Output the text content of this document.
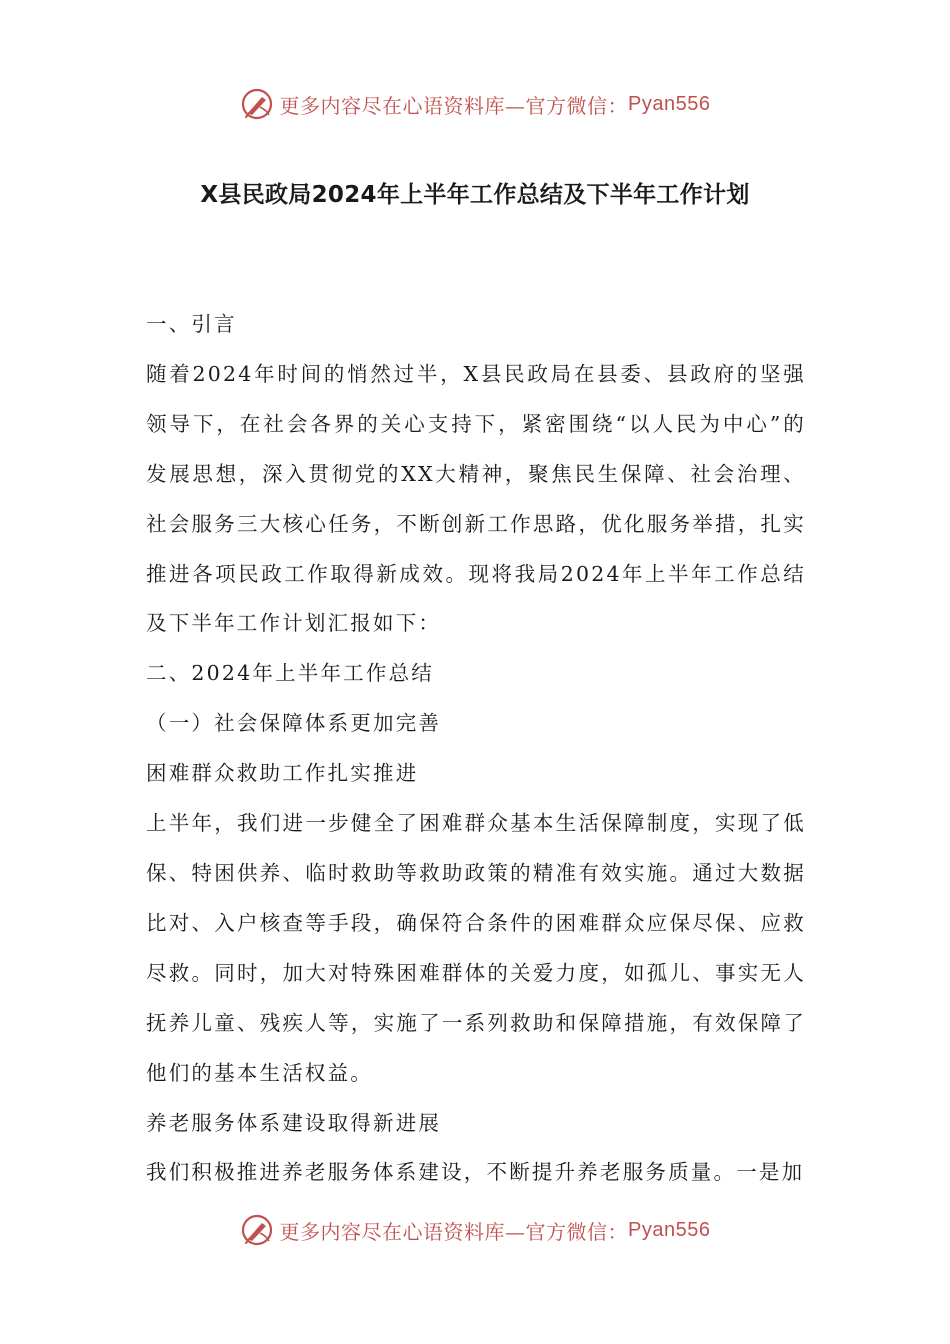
更多内容尽在心语资料库—官方微信： Pyan556
X县民政局2024年上半年工作总结及下半年工作计划

一、引言

随着2024年时间的悄然过半，X县民政局在县委、县政府的坚强领导下，在社会各界的关心支持下，紧密围绕“以人民为中心”的发展思想，深入贯彻党的XX大精神，聚焦民生保障、社会治理、社会服务三大核心任务，不断创新工作思路，优化服务举措，扎实推进各项民政工作取得新成效。现将我局2024年上半年工作总结及下半年工作计划汇报如下：

二、2024年上半年工作总结

（一）社会保障体系更加完善

困难群众救助工作扎实推进

上半年，我们进一步健全了困难群众基本生活保障制度，实现了低保、特困供养、临时救助等救助政策的精准有效实施。通过大数据比对、入户核查等手段，确保符合条件的困难群众应保尽保、应救尽救。同时，加大对特殊困难群体的关爱力度，如孤儿、事实无人抚养儿童、残疾人等，实施了一系列救助和保障措施，有效保障了他们的基本生活权益。

养老服务体系建设取得新进展

我们积极推进养老服务体系建设，不断提升养老服务质量。一是加

更多内容尽在心语资料库—官方微信： Pyan556
